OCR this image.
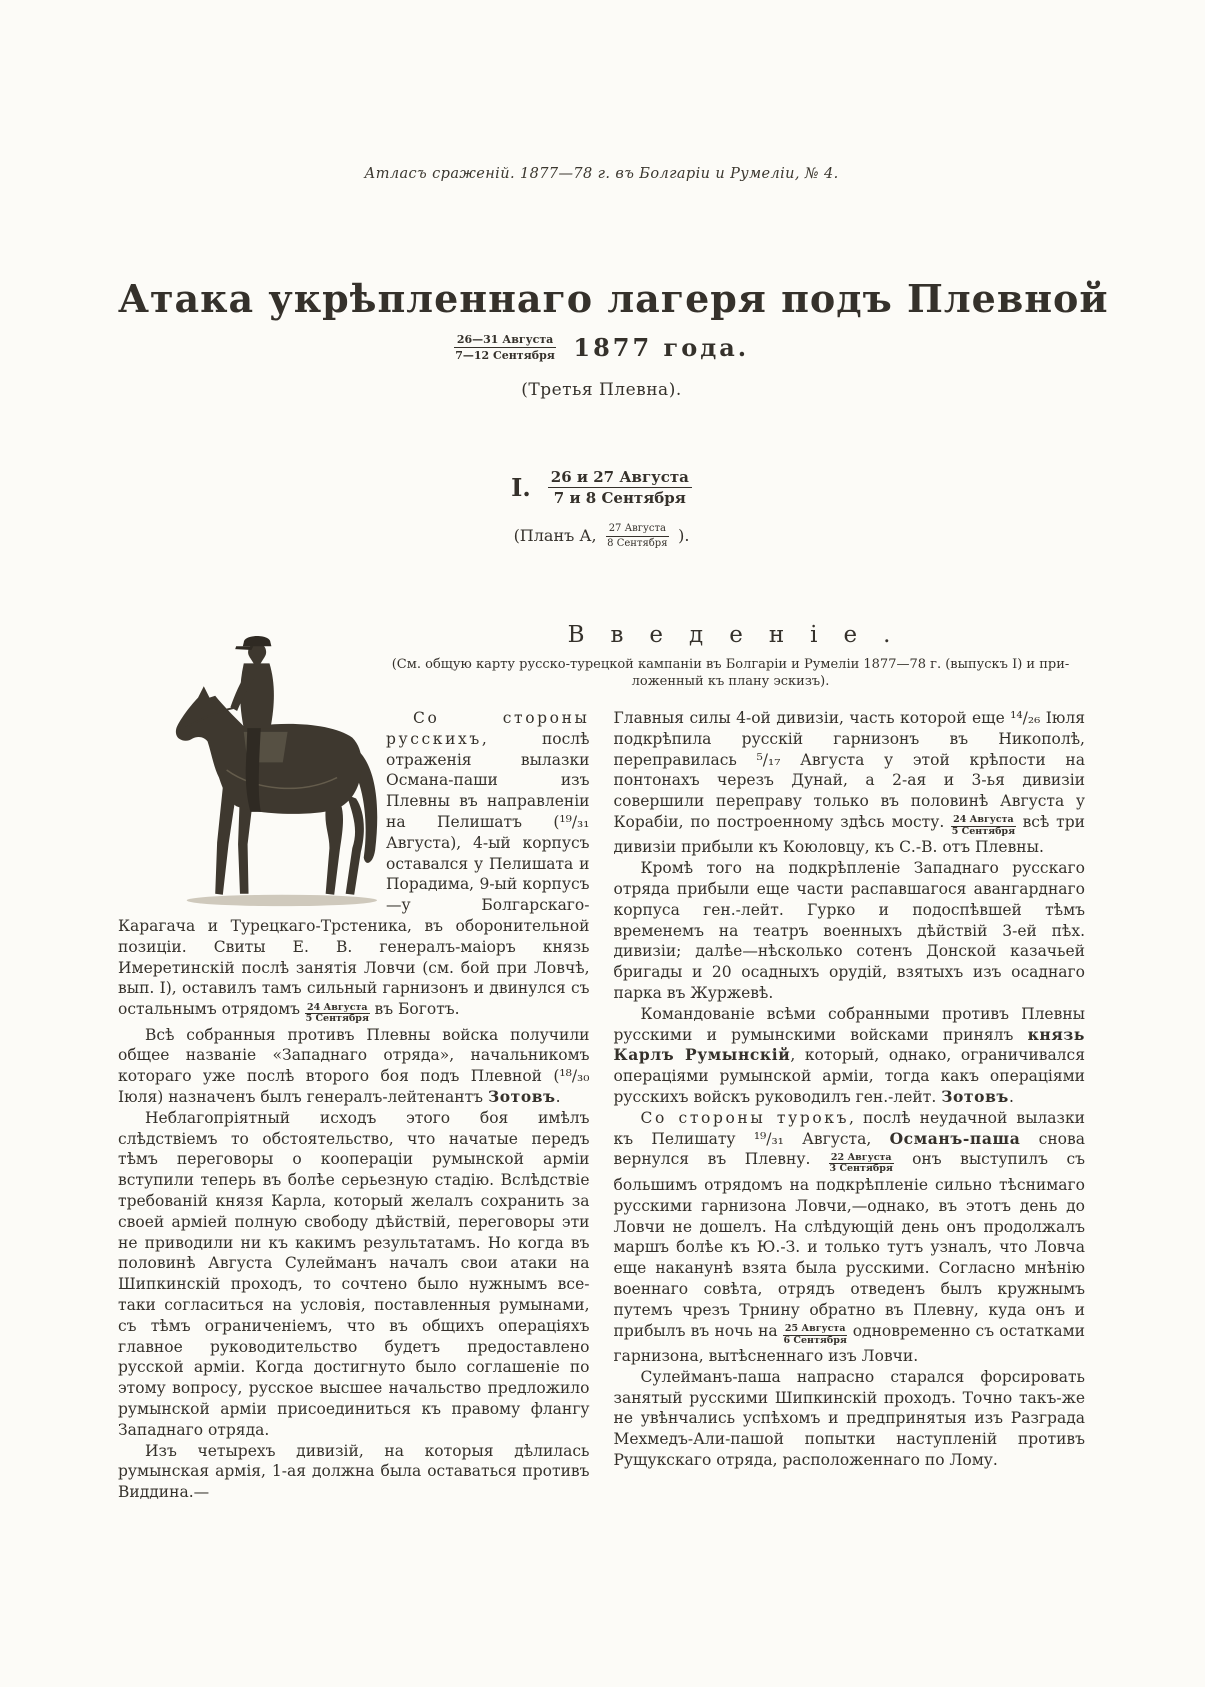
Атласъ сраженій. 1877—78 г. въ Болгаріи и Румеліи, № 4.
Атака укрѣпленнаго лагеря подъ Плевной
26—31 Августа
7—12 Сентября 1877 года.
(Третья Плевна).
I. 26 и 27 Августа
7 и 8 Сентября
(Планъ А,	27 Августа
8 Сентября ).
Введеніе.
(См. общую карту русско-турецкой кампаніи въ Болгаріи и Румеліи 1877—78 г. (выпускъ I) и при-
ложенный къ плану эскизъ).

Со стороны русскихъ, послѣ отраженія вылазки Османа-паши изъ Плевны въ направленіи на Пелишатъ (¹⁹/₃₁ Августа), 4-ый корпусъ оставался у Пелишата и Порадима, 9-ый корпусъ—у Болгарскаго-Карагача и Турецкаго-Трстеника, въ оборонительной позиціи. Свиты Е. В. генералъ-маіоръ князь Имеретинскій послѣ занятія Ловчи (см. бой при Ловчѣ, вып. I), оставилъ тамъ сильный гарнизонъ и двинулся съ остальнымъ отрядомъ 24 Августа
5 Сентября
въ Боготъ.

Всѣ собранныя противъ Плевны войска получили общее названіе «Западнаго отряда», начальникомъ котораго уже послѣ второго боя подъ Плевной (¹⁸/₃₀ Іюля) назначенъ былъ генералъ-лейтенантъ Зотовъ.

Неблагопріятный исходъ этого боя имѣлъ слѣдствіемъ то обстоятельство, что начатые передъ тѣмъ переговоры о коопераціи румынской арміи вступили теперь въ болѣе серьезную стадію. Вслѣдствіе требованій князя Карла, который желалъ сохранить за своей арміей полную свободу дѣйствій, переговоры эти не приводили ни къ какимъ результатамъ. Но когда въ половинѣ Августа Сулейманъ началъ свои атаки на Шипкинскій проходъ, то сочтено было нужнымъ все-таки согласиться на условія, поставленныя румынами, съ тѣмъ ограниченіемъ, что въ общихъ операціяхъ главное руководительство будетъ предоставлено русской арміи. Когда достигнуто было соглашеніе по этому вопросу, русское высшее начальство предложило румынской арміи присоединиться къ правому флангу Западнаго отряда.

Изъ четырехъ дивизій, на которыя дѣлилась румынская армія, 1-ая должна была оставаться противъ Виддина.—

Главныя силы 4-ой дивизіи, часть которой еще ¹⁴/₂₆ Іюля подкрѣпила русскій гарнизонъ въ Никополѣ, переправилась ⁵/₁₇ Августа у этой крѣпости на понтонахъ черезъ Дунай, а 2-ая и 3-ья дивизіи совершили переправу только въ половинѣ Августа у Корабіи, по построенному здѣсь мосту. 24 Августа
5 Сентября
всѣ три дивизіи прибыли къ Коюловцу, къ С.-В. отъ Плевны.

Кромѣ того на подкрѣпленіе Западнаго русскаго отряда прибыли еще части распавшагося авангарднаго корпуса ген.-лейт. Гурко и подоспѣвшей тѣмъ временемъ на театръ военныхъ дѣйствій 3-ей пѣх. дивизіи; далѣе—нѣсколько сотенъ Донской казачьей бригады и 20 осадныхъ орудій, взятыхъ изъ осаднаго парка въ Журжевѣ.

Командованіе всѣми собранными противъ Плевны русскими и румынскими войсками принялъ князь Карлъ Румынскій, который, однако, ограничивался операціями румынской арміи, тогда какъ операціями русскихъ войскъ руководилъ ген.-лейт. Зотовъ.

Со стороны турокъ, послѣ неудачной вылазки къ Пелишату ¹⁹/₃₁ Августа, Османъ-паша снова вернулся въ Плевну. 22 Августа
3 Сентября
онъ выступилъ съ большимъ отрядомъ на подкрѣпленіе сильно тѣснимаго русскими гарнизона Ловчи,—однако, въ этотъ день до Ловчи не дошелъ. На слѣдующій день онъ продолжалъ маршъ болѣе къ Ю.-З. и только тутъ узналъ, что Ловча еще наканунѣ взята была русскими. Согласно мнѣнію военнаго совѣта, отрядъ отведенъ былъ кружнымъ путемъ чрезъ Трнину обратно въ Плевну, куда онъ и прибылъ въ ночь на 25 Августа
6 Сентября
одновременно съ остатками гарнизона, вытѣсненнаго изъ Ловчи.

Сулейманъ-паша напрасно старался форсировать занятый русскими Шипкинскій проходъ. Точно такъ-же не увѣнчались успѣхомъ и предпринятыя изъ Разграда Мехмедъ-Али-пашой попытки наступленій противъ Рущукскаго отряда, расположеннаго по Лому.
